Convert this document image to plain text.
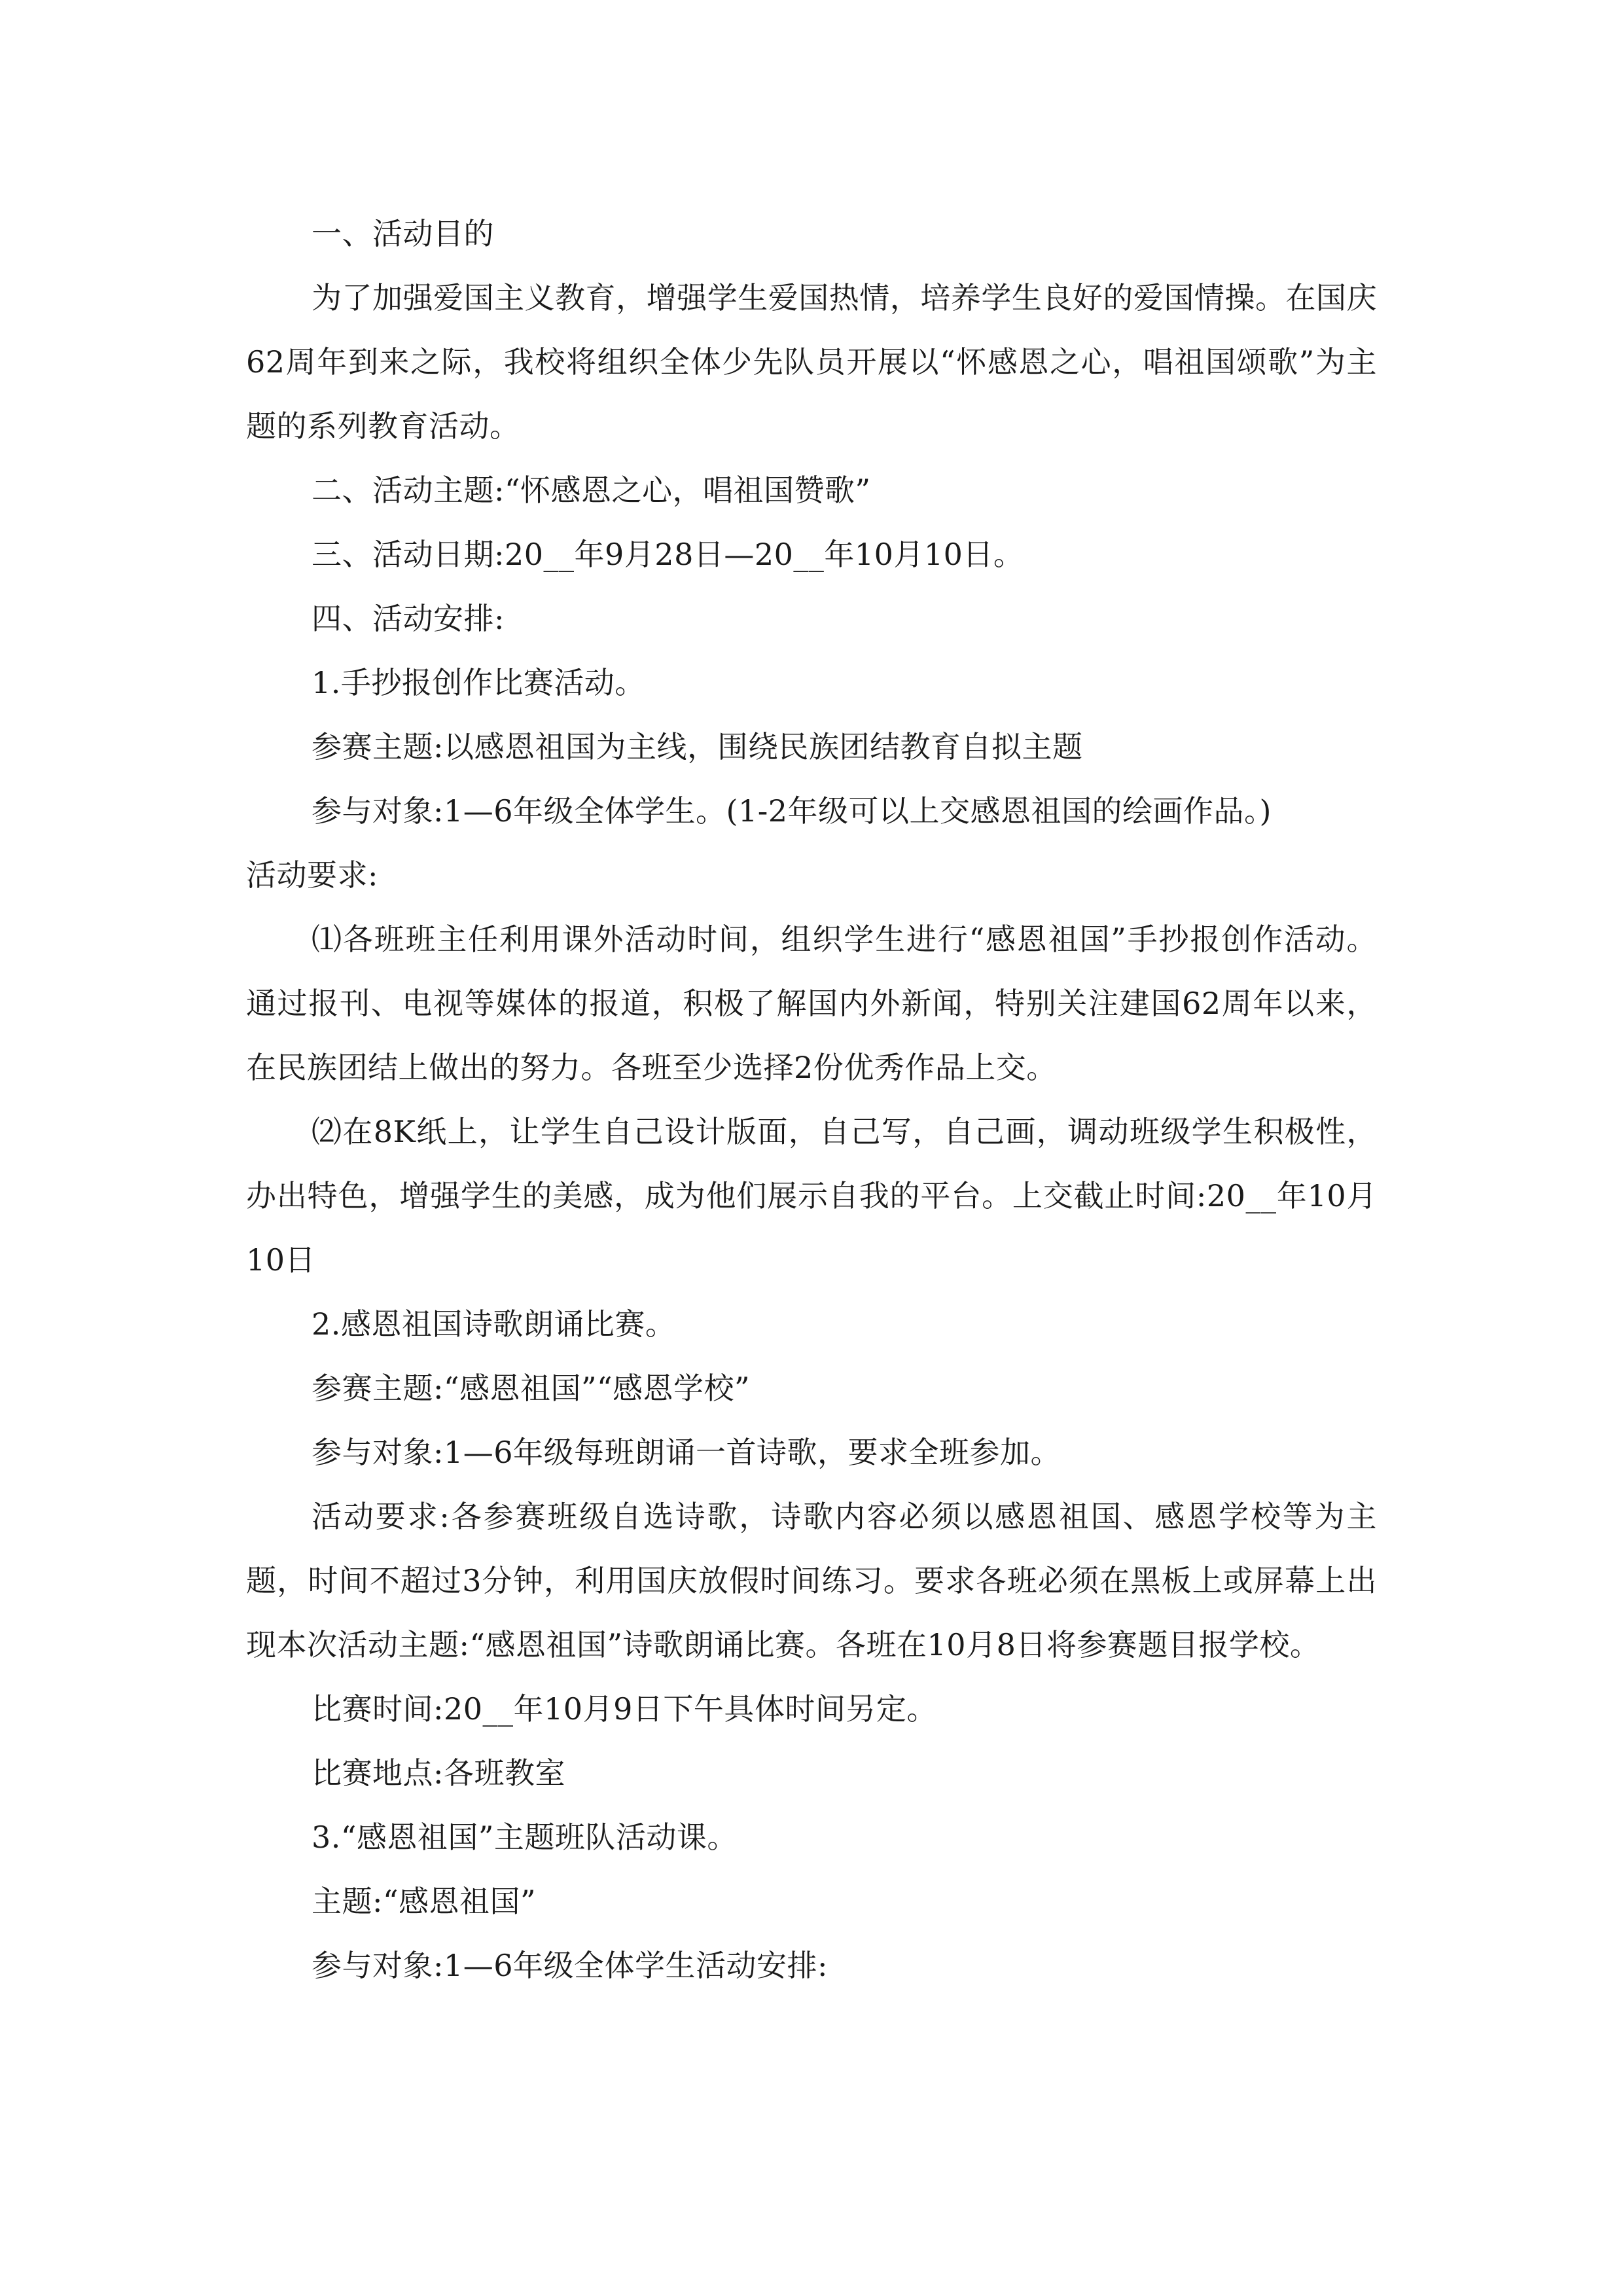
一、活动目的

为了加强爱国主义教育，增强学生爱国热情，培养学生良好的爱国情操。在国庆62周年到来之际，我校将组织全体少先队员开展以“怀感恩之心，唱祖国颂歌”为主题的系列教育活动。

二、活动主题:“怀感恩之心，唱祖国赞歌”

三、活动日期:20__年9月28日—20__年10月10日。

四、活动安排:

1.手抄报创作比赛活动。

参赛主题:以感恩祖国为主线，围绕民族团结教育自拟主题

参与对象:1—6年级全体学生。(1-2年级可以上交感恩祖国的绘画作品。)

活动要求:

⑴各班班主任利用课外活动时间，组织学生进行“感恩祖国”手抄报创作活动。通过报刊、电视等媒体的报道，积极了解国内外新闻，特别关注建国62周年以来，在民族团结上做出的努力。各班至少选择2份优秀作品上交。

⑵在8K纸上，让学生自己设计版面，自己写，自己画，调动班级学生积极性，办出特色，增强学生的美感，成为他们展示自我的平台。上交截止时间:20__年10月10日

2.感恩祖国诗歌朗诵比赛。

参赛主题:“感恩祖国”“感恩学校”

参与对象:1—6年级每班朗诵一首诗歌，要求全班参加。

活动要求:各参赛班级自选诗歌，诗歌内容必须以感恩祖国、感恩学校等为主题，时间不超过3分钟，利用国庆放假时间练习。要求各班必须在黑板上或屏幕上出现本次活动主题:“感恩祖国”诗歌朗诵比赛。各班在10月8日将参赛题目报学校。

比赛时间:20__年10月9日下午具体时间另定。

比赛地点:各班教室

3.“感恩祖国”主题班队活动课。

主题:“感恩祖国”

参与对象:1—6年级全体学生活动安排:
